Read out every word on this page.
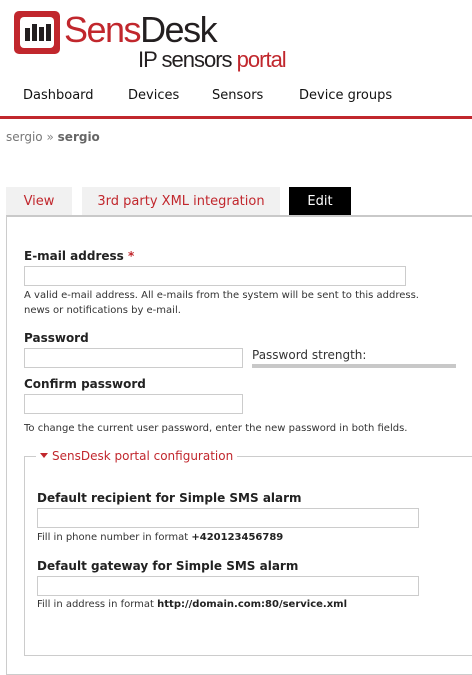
SensDesk
IP sensors portal
Dashboard	Devices	Sensors	Device groups
sergio » sergio
View	3rd party XML integration	Edit
E-mail address *
A valid e-mail address. All e-mails from the system will be sent to this address.
news or notifications by e-mail.
Password
Password strength:
Confirm password
To change the current user password, enter the new password in both fields.
SensDesk portal configuration
Default recipient for Simple SMS alarm
Fill in phone number in format +420123456789
Default gateway for Simple SMS alarm
Fill in address in format http://domain.com:80/service.xml
